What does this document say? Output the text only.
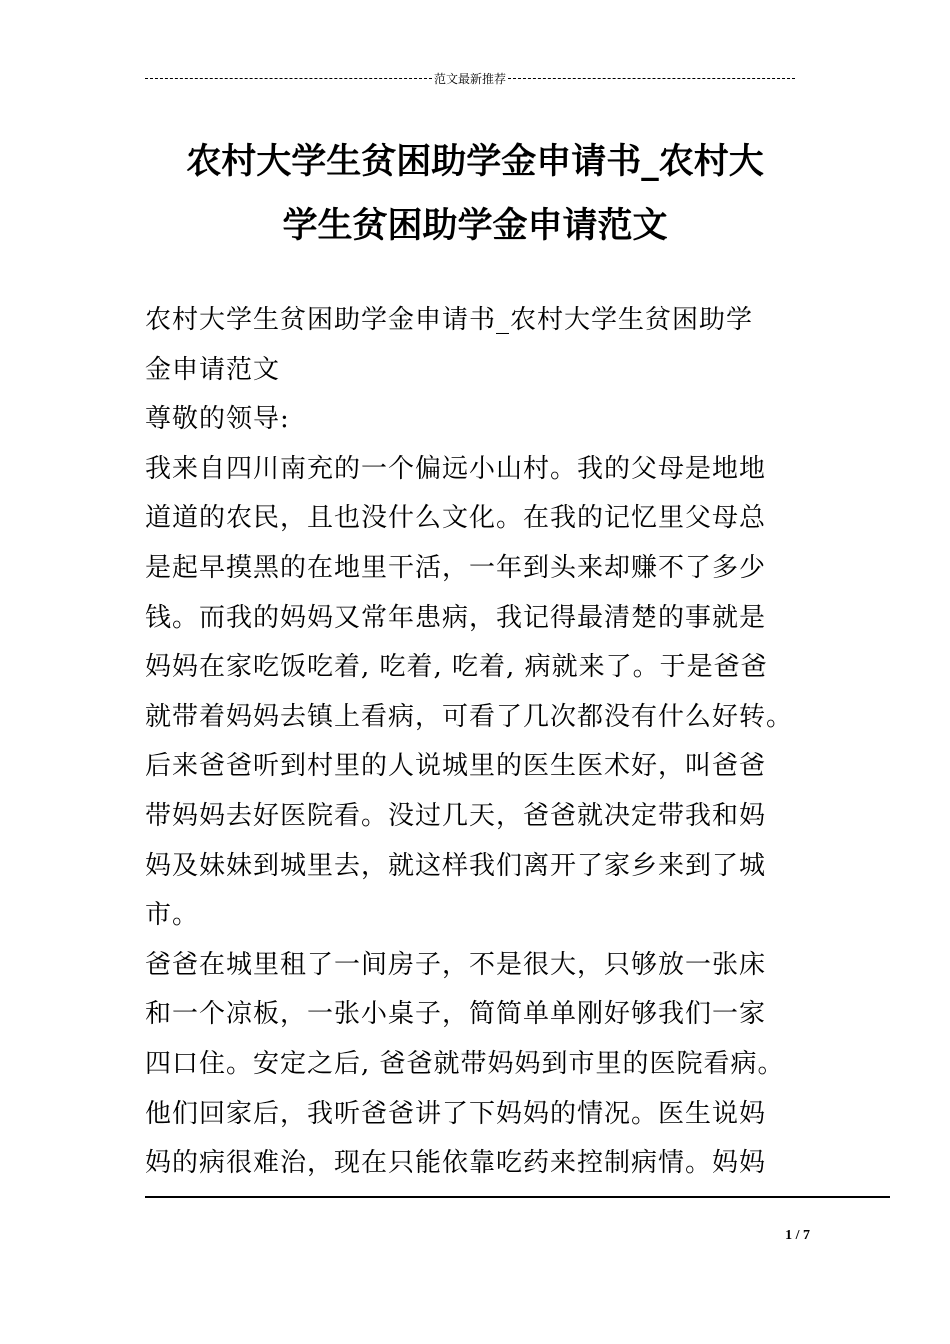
范文最新推荐
农村大学生贫困助学金申请书_农村大
学生贫困助学金申请范文
农村大学生贫困助学金申请书_农村大学生贫困助学
金申请范文
尊敬的领导:
我来自四川南充的一个偏远小山村。我的父母是地地
道道的农民，且也没什么文化。在我的记忆里父母总
是起早摸黑的在地里干活，一年到头来却赚不了多少
钱。而我的妈妈又常年患病，我记得最清楚的事就是
妈妈在家吃饭吃着, 吃着, 吃着, 病就来了。于是爸爸
就带着妈妈去镇上看病，可看了几次都没有什么好转。
后来爸爸听到村里的人说城里的医生医术好，叫爸爸
带妈妈去好医院看。没过几天，爸爸就决定带我和妈
妈及妹妹到城里去，就这样我们离开了家乡来到了城
市。
爸爸在城里租了一间房子，不是很大，只够放一张床
和一个凉板，一张小桌子，简简单单刚好够我们一家
四口住。安定之后, 爸爸就带妈妈到市里的医院看病。
他们回家后，我听爸爸讲了下妈妈的情况。医生说妈
妈的病很难治，现在只能依靠吃药来控制病情。妈妈
1 / 7
